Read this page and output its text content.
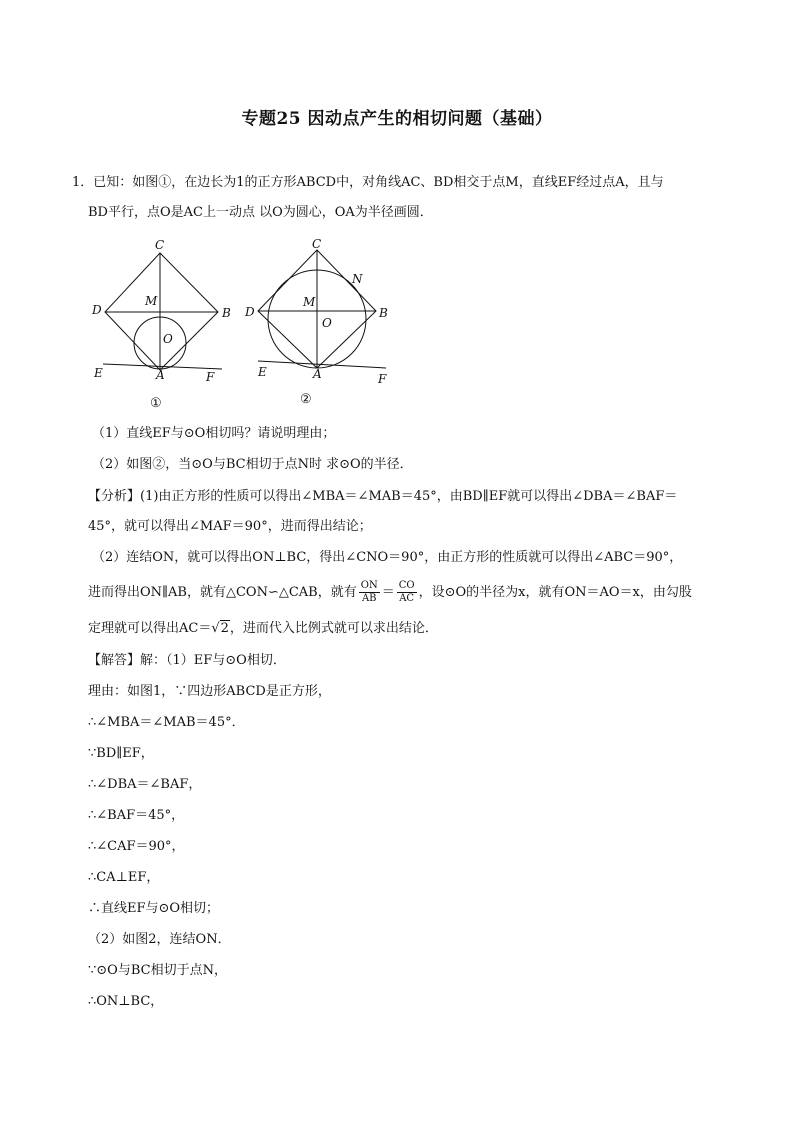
专题25 因动点产生的相切问题（基础）
1．已知：如图①，在边长为1的正方形ABCD中，对角线AC、BD相交于点M，直线EF经过点A，且与
BD平行，点O是AC上一动点 以O为圆心，OA为半径画圆．
C
D	B
M
O
A
E	F
C
N
D	B
M
O
A
E	F
①	②
（1）直线EF与⊙O相切吗？请说明理由；
（2）如图②，当⊙O与BC相切于点N时 求⊙O的半径．
【分析】(1)由正方形的性质可以得出∠MBA＝∠MAB＝45°，由BD∥EF就可以得出∠DBA＝∠BAF＝
45°，就可以得出∠MAF＝90°，进而得出结论；
（2）连结ON，就可以得出ON⊥BC，得出∠CNO＝90°，由正方形的性质就可以得出∠ABC＝90°，
进而得出ON∥AB，就有△CON∽△CAB，就有 $\frac{ON}{AB} = \frac{CO}{AC}$ ，设⊙O的半径为x，就有ON＝AO＝x，由勾股
定理就可以得出AC＝√2，进而代入比例式就可以求出结论．
【解答】解：（1）EF与⊙O相切．
理由：如图1，∵四边形ABCD是正方形，
∴∠MBA＝∠MAB＝45°．
∵BD∥EF，
∴∠DBA＝∠BAF，
∴∠BAF＝45°，
∴∠CAF＝90°，
∴CA⊥EF，
∴直线EF与⊙O相切；
（2）如图2，连结ON．
∵⊙O与BC相切于点N，
∴ON⊥BC，
